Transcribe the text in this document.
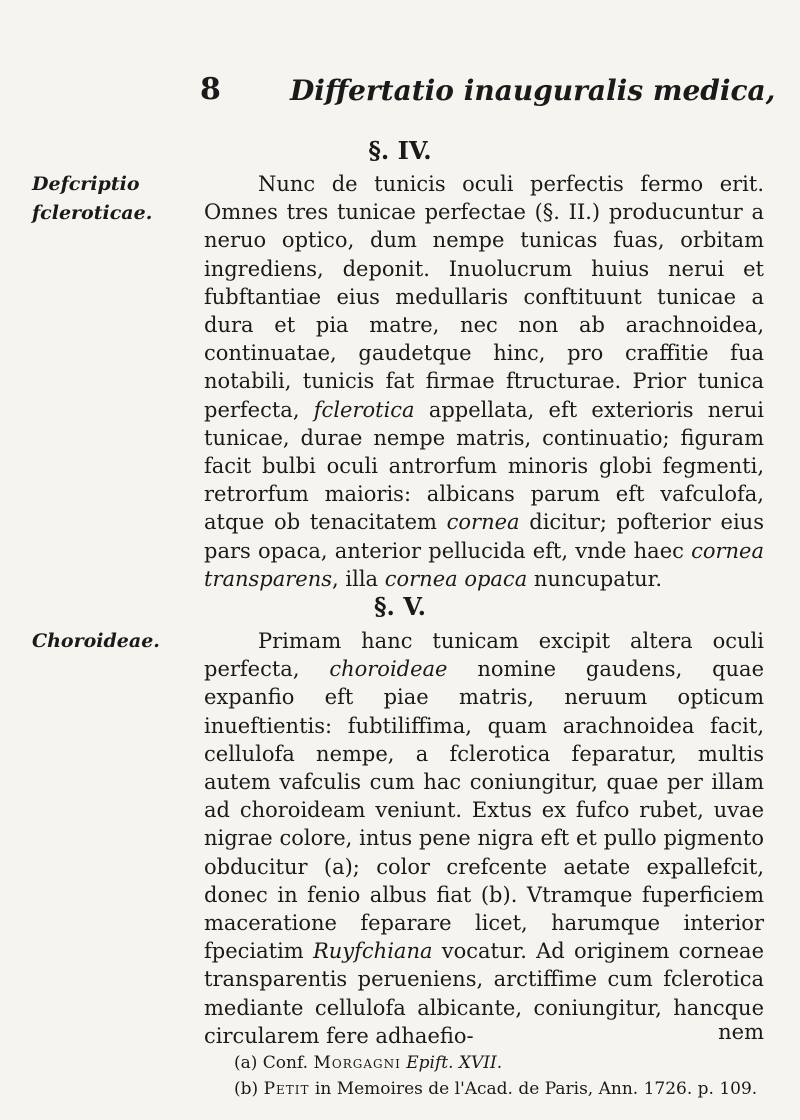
8 Differtatio inauguralis medica,
§. IV.
Defcriptio
fcleroticae.

Nunc de tunicis oculi perfectis fermo erit. Omnes tres tunicae perfectae (§. II.) producuntur a neruo optico, dum nempe tunicas fuas, orbitam ingrediens, deponit. Inuolucrum huius nerui et fubftantiae eius medullaris conftituunt tunicae a dura et pia matre, nec non ab arachnoidea, continuatae, gaudetque hinc, pro craffitie fua notabili, tunicis fat firmae ftructurae. Prior tunica perfecta, fclerotica appellata, eft exterioris nerui tunicae, durae nempe matris, continuatio; figuram facit bulbi oculi antrorfum minoris globi fegmenti, retrorfum maioris: albicans parum eft vafculofa, atque ob tenacitatem cornea dicitur; pofterior eius pars opaca, anterior pellucida eft, vnde haec cornea transparens, illa cornea opaca nuncupatur.

§. V.
Choroideae.	Primam hanc tunicam excipit altera oculi perfecta, choroideae nomine gaudens, quae expanfio eft piae matris, neruum opticum inueftientis: fubtiliffima, quam arachnoidea facit, cellulofa nempe, a fclerotica feparatur, multis autem vafculis cum hac coniungitur, quae per illam ad choroideam veniunt. Extus ex fufco rubet, uvae nigrae colore, intus pene nigra eft et pullo pigmento obducitur (a); color crefcente aetate expallefcit, donec in fenio albus fiat (b). Vtramque fuperficiem maceratione feparare licet, harumque interior fpeciatim Ruyfchiana vocatur. Ad originem corneae transparentis perueniens, arctiffime cum fclerotica mediante cellulofa albicante, coniungitur, hancque circularem fere adhaefio-	nem
(a) Conf. Morgagni Epift. XVII.
(b) Petit in Memoires de l'Acad. de Paris, Ann. 1726. p. 109.
